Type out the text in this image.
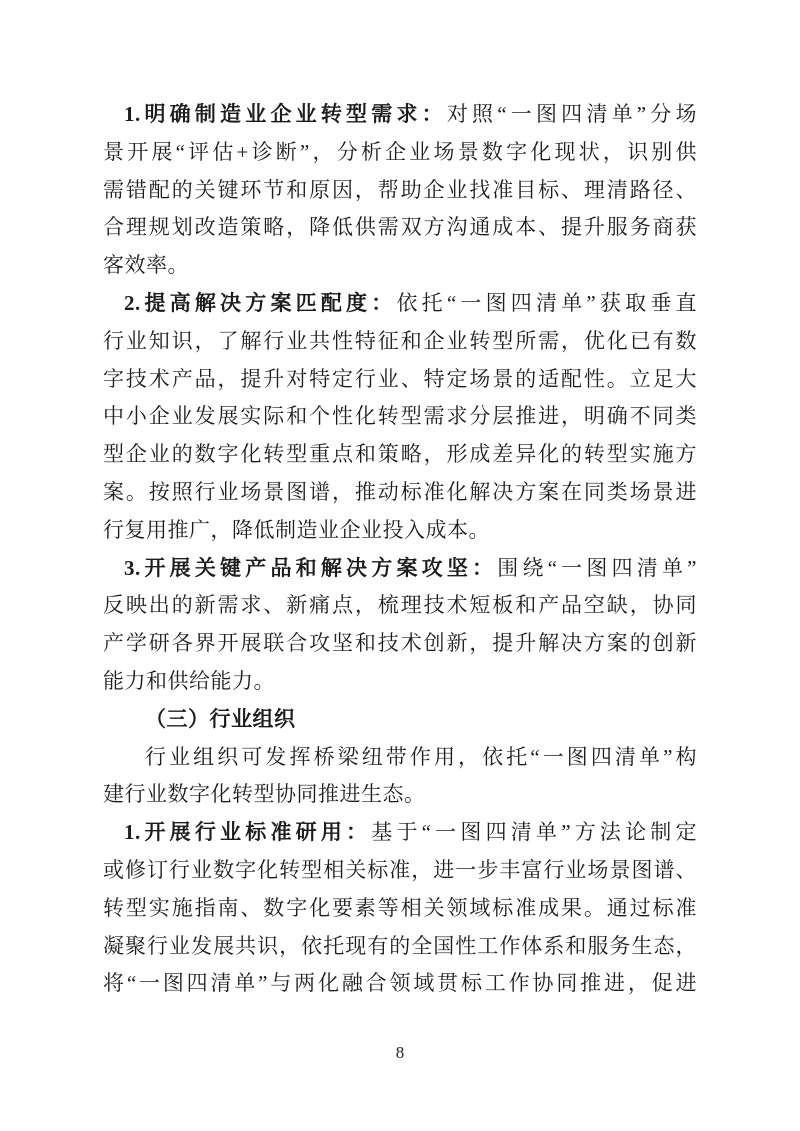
1.明确制造业企业转型需求：对照“一图四清单”分场
景开展“评估+诊断”，分析企业场景数字化现状，识别供
需错配的关键环节和原因，帮助企业找准目标、理清路径、
合理规划改造策略，降低供需双方沟通成本、提升服务商获
客效率。
2.提高解决方案匹配度：依托“一图四清单”获取垂直
行业知识，了解行业共性特征和企业转型所需，优化已有数
字技术产品，提升对特定行业、特定场景的适配性。立足大
中小企业发展实际和个性化转型需求分层推进，明确不同类
型企业的数字化转型重点和策略，形成差异化的转型实施方
案。按照行业场景图谱，推动标准化解决方案在同类场景进
行复用推广，降低制造业企业投入成本。
3.开展关键产品和解决方案攻坚：围绕“一图四清单”
反映出的新需求、新痛点，梳理技术短板和产品空缺，协同
产学研各界开展联合攻坚和技术创新，提升解决方案的创新
能力和供给能力。
（三）行业组织
行业组织可发挥桥梁纽带作用，依托“一图四清单”构
建行业数字化转型协同推进生态。
1.开展行业标准研用：基于“一图四清单”方法论制定
或修订行业数字化转型相关标准，进一步丰富行业场景图谱、
转型实施指南、数字化要素等相关领域标准成果。通过标准
凝聚行业发展共识，依托现有的全国性工作体系和服务生态，
将“一图四清单”与两化融合领域贯标工作协同推进，促进
8
